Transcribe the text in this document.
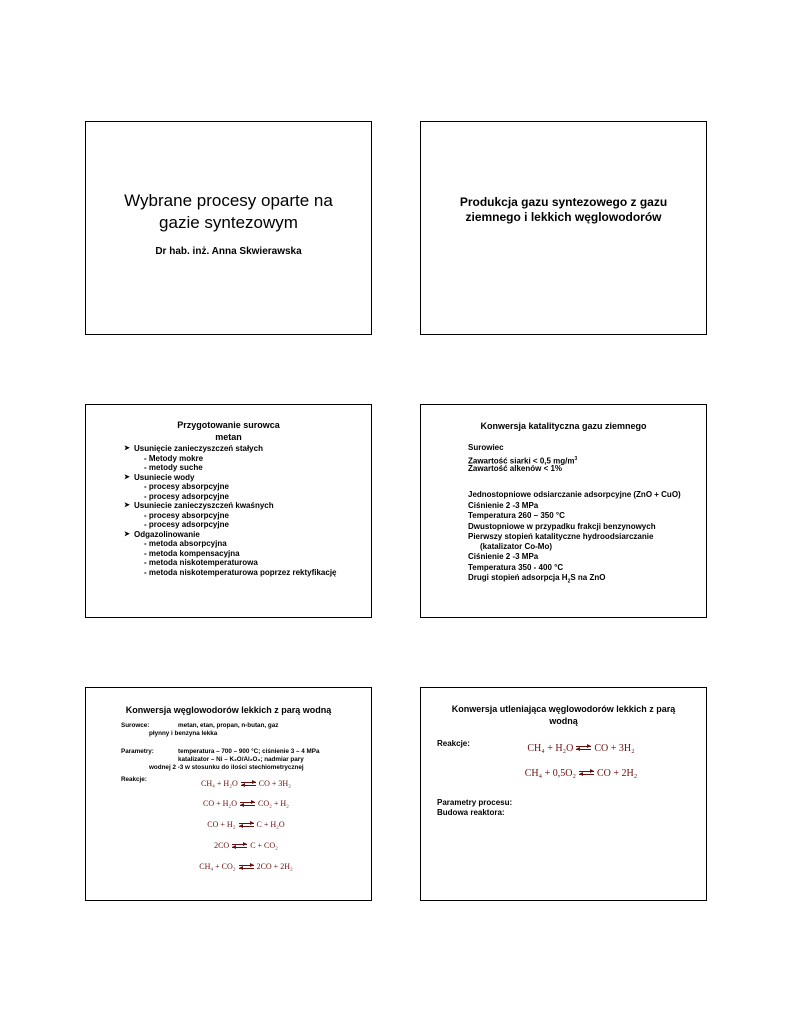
Wybrane procesy oparte na
gazie syntezowym
Dr hab. inż. Anna Skwierawska
Produkcja gazu syntezowego z gazu
ziemnego i lekkich węglowodorów
Przygotowanie surowca
metan
➤ Usunięcie zanieczyszczeń stałych
- Metody mokre
- metody suche
➤ Usuniecie wody
- procesy absorpcyjne
- procesy adsorpcyjne
➤ Usuniecie zanieczyszczeń kwaśnych
- procesy absorpcyjne
- procesy adsorpcyjne
➤ Odgazolinowanie
- metoda absorpcyjna
- metoda kompensacyjna
- metoda niskotemperaturowa
- metoda niskotemperaturowa poprzez rektyfikację
Konwersja katalityczna gazu ziemnego
Surowiec
Zawartość siarki < 0,5 $mg/m^3$
Zawartość alkenów < 1%
Jednostopniowe odsiarczanie adsorpcyjne (ZnO + CuO)
Ciśnienie 2 -3 MPa
Temperatura 260 – 350 °C
Dwustopniowe w przypadku frakcji benzynowych
Pierwszy stopień katalityczne hydroodsiarczanie
(katalizator Co-Mo)
Ciśnienie 2 -3 MPa
Temperatura 350 - 400 °C
Drugi stopień adsorpcja $H_2S$ na ZnO
Konwersja węglowodorów lekkich z parą wodną
Surowce:	metan, etan, propan, n-butan, gaz
płynny i benzyna lekka
Parametry:	temperatura – 700 – 900 °C; ciśnienie 3 – 4 MPa
katalizator – Ni – K₂O/Al₂O₃; nadmiar pary
wodnej 2 -3 w stosunku do ilości stechiometrycznej
Reakcje:	CH₄ + H₂O	CO + 3H₂
CO + H₂O	CO₂ + H₂
CO + H₂	C + H₂O
2CO	C + CO₂
CH₄ + CO₂	2CO + 2H₂
Konwersja utleniająca węglowodorów lekkich z parą
wodną
Reakcje:	CH₄ + H₂O CO + 3H₂
CH₄ + 0,5O₂ CO + 2H₂
Parametry procesu:
Budowa reaktora:
